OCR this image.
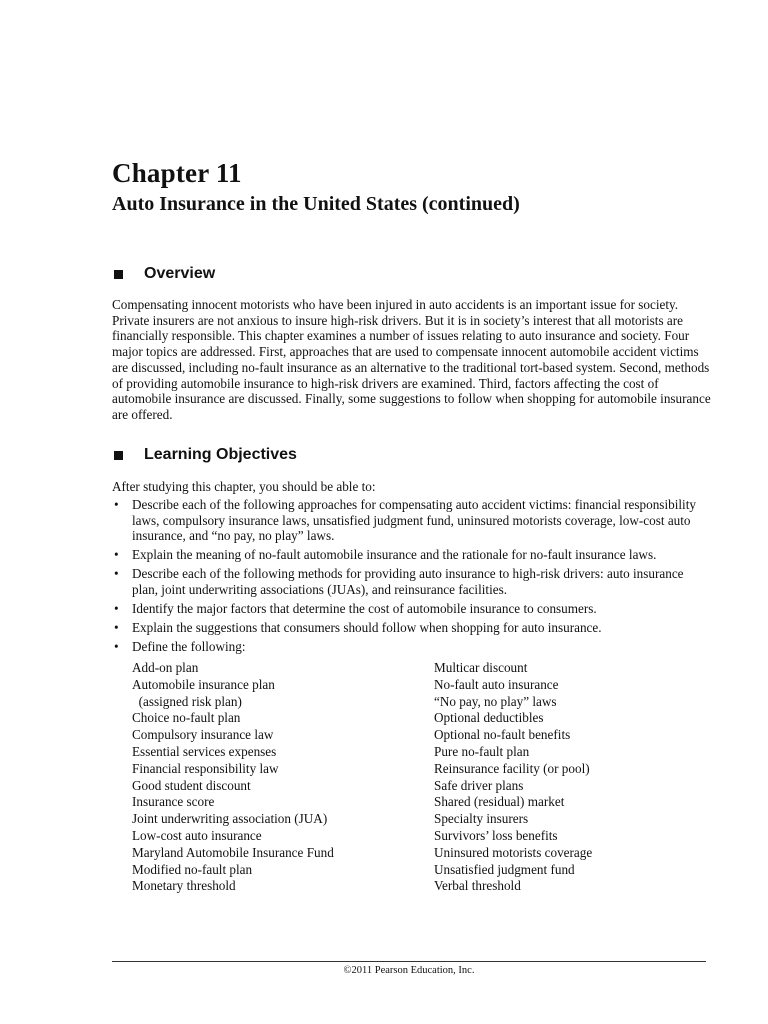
Chapter 11
Auto Insurance in the United States (continued)
Overview
Compensating innocent motorists who have been injured in auto accidents is an important issue for society. Private insurers are not anxious to insure high-risk drivers. But it is in society’s interest that all motorists are financially responsible. This chapter examines a number of issues relating to auto insurance and society. Four major topics are addressed. First, approaches that are used to compensate innocent automobile accident victims are discussed, including no-fault insurance as an alternative to the traditional tort-based system. Second, methods of providing automobile insurance to high-risk drivers are examined. Third, factors affecting the cost of automobile insurance are discussed. Finally, some suggestions to follow when shopping for automobile insurance are offered.
Learning Objectives
After studying this chapter, you should be able to:
• Describe each of the following approaches for compensating auto accident victims: financial responsibility laws, compulsory insurance laws, unsatisfied judgment fund, uninsured motorists coverage, low-cost auto insurance, and “no pay, no play” laws.
• Explain the meaning of no-fault automobile insurance and the rationale for no-fault insurance laws.
• Describe each of the following methods for providing auto insurance to high-risk drivers: auto insurance plan, joint underwriting associations (JUAs), and reinsurance facilities.
• Identify the major factors that determine the cost of automobile insurance to consumers.
• Explain the suggestions that consumers should follow when shopping for auto insurance.
• Define the following:
Add-on plan
Automobile insurance plan
(assigned risk plan)
Choice no-fault plan
Compulsory insurance law
Essential services expenses
Financial responsibility law
Good student discount
Insurance score
Joint underwriting association (JUA)
Low-cost auto insurance
Maryland Automobile Insurance Fund
Modified no-fault plan
Monetary threshold
Multicar discount
No-fault auto insurance
“No pay, no play” laws
Optional deductibles
Optional no-fault benefits
Pure no-fault plan
Reinsurance facility (or pool)
Safe driver plans
Shared (residual) market
Specialty insurers
Survivors’ loss benefits
Uninsured motorists coverage
Unsatisfied judgment fund
Verbal threshold
©2011 Pearson Education, Inc.
